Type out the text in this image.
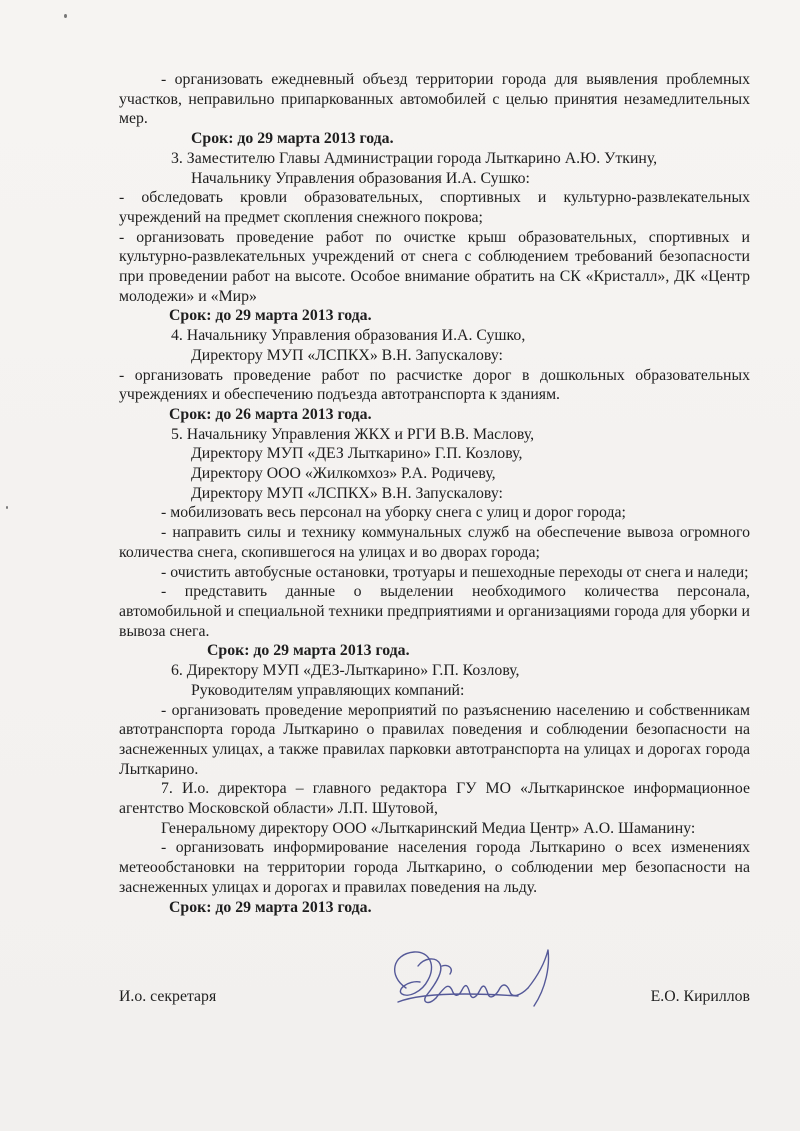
- организовать ежедневный объезд территории города для выявления проблемных участков, неправильно припаркованных автомобилей с целью принятия незамедлительных мер.

Срок: до 29 марта 2013 года.

3. Заместителю Главы Администрации города Лыткарино А.Ю. Уткину,

Начальнику Управления образования И.А. Сушко:

- обследовать кровли образовательных, спортивных и культурно-развлекательных учреждений на предмет скопления снежного покрова;

- организовать проведение работ по очистке крыш образовательных, спортивных и культурно-развлекательных учреждений от снега с соблюдением требований безопасности при проведении работ на высоте. Особое внимание обратить на СК «Кристалл», ДК «Центр молодежи» и «Мир»

Срок: до 29 марта 2013 года.

4. Начальнику Управления образования И.А. Сушко,

Директору МУП «ЛСПКХ» В.Н. Запускалову:

- организовать проведение работ по расчистке дорог в дошкольных образовательных учреждениях и обеспечению подъезда автотранспорта к зданиям.

Срок: до 26 марта 2013 года.

5. Начальнику Управления ЖКХ и РГИ В.В. Маслову,

Директору МУП «ДЕЗ Лыткарино» Г.П. Козлову,

Директору ООО «Жилкомхоз» Р.А. Родичеву,

Директору МУП «ЛСПКХ» В.Н. Запускалову:

- мобилизовать весь персонал на уборку снега с улиц и дорог города;

- направить силы и технику коммунальных служб на обеспечение вывоза огромного количества снега, скопившегося на улицах и во дворах города;

- очистить автобусные остановки, тротуары и пешеходные переходы от снега и наледи;

- представить данные о выделении необходимого количества персонала, автомобильной и специальной техники предприятиями и организациями города для уборки и вывоза снега.

Срок: до 29 марта 2013 года.

6. Директору МУП «ДЕЗ-Лыткарино» Г.П. Козлову,

Руководителям управляющих компаний:

- организовать проведение мероприятий по разъяснению населению и собственникам автотранспорта города Лыткарино о правилах поведения и соблюдении безопасности на заснеженных улицах, а также правилах парковки автотранспорта на улицах и дорогах города Лыткарино.

7. И.о. директора – главного редактора ГУ МО «Лыткаринское информационное агентство Московской области» Л.П. Шутовой,

Генеральному директору ООО «Лыткаринский Медиа Центр» А.О. Шаманину:

- организовать информирование населения города Лыткарино о всех изменениях метеообстановки на территории города Лыткарино, о соблюдении мер безопасности на заснеженных улицах и дорогах и правилах поведения на льду.

Срок: до 29 марта 2013 года.

И.о. секретаря	Е.О. Кириллов
